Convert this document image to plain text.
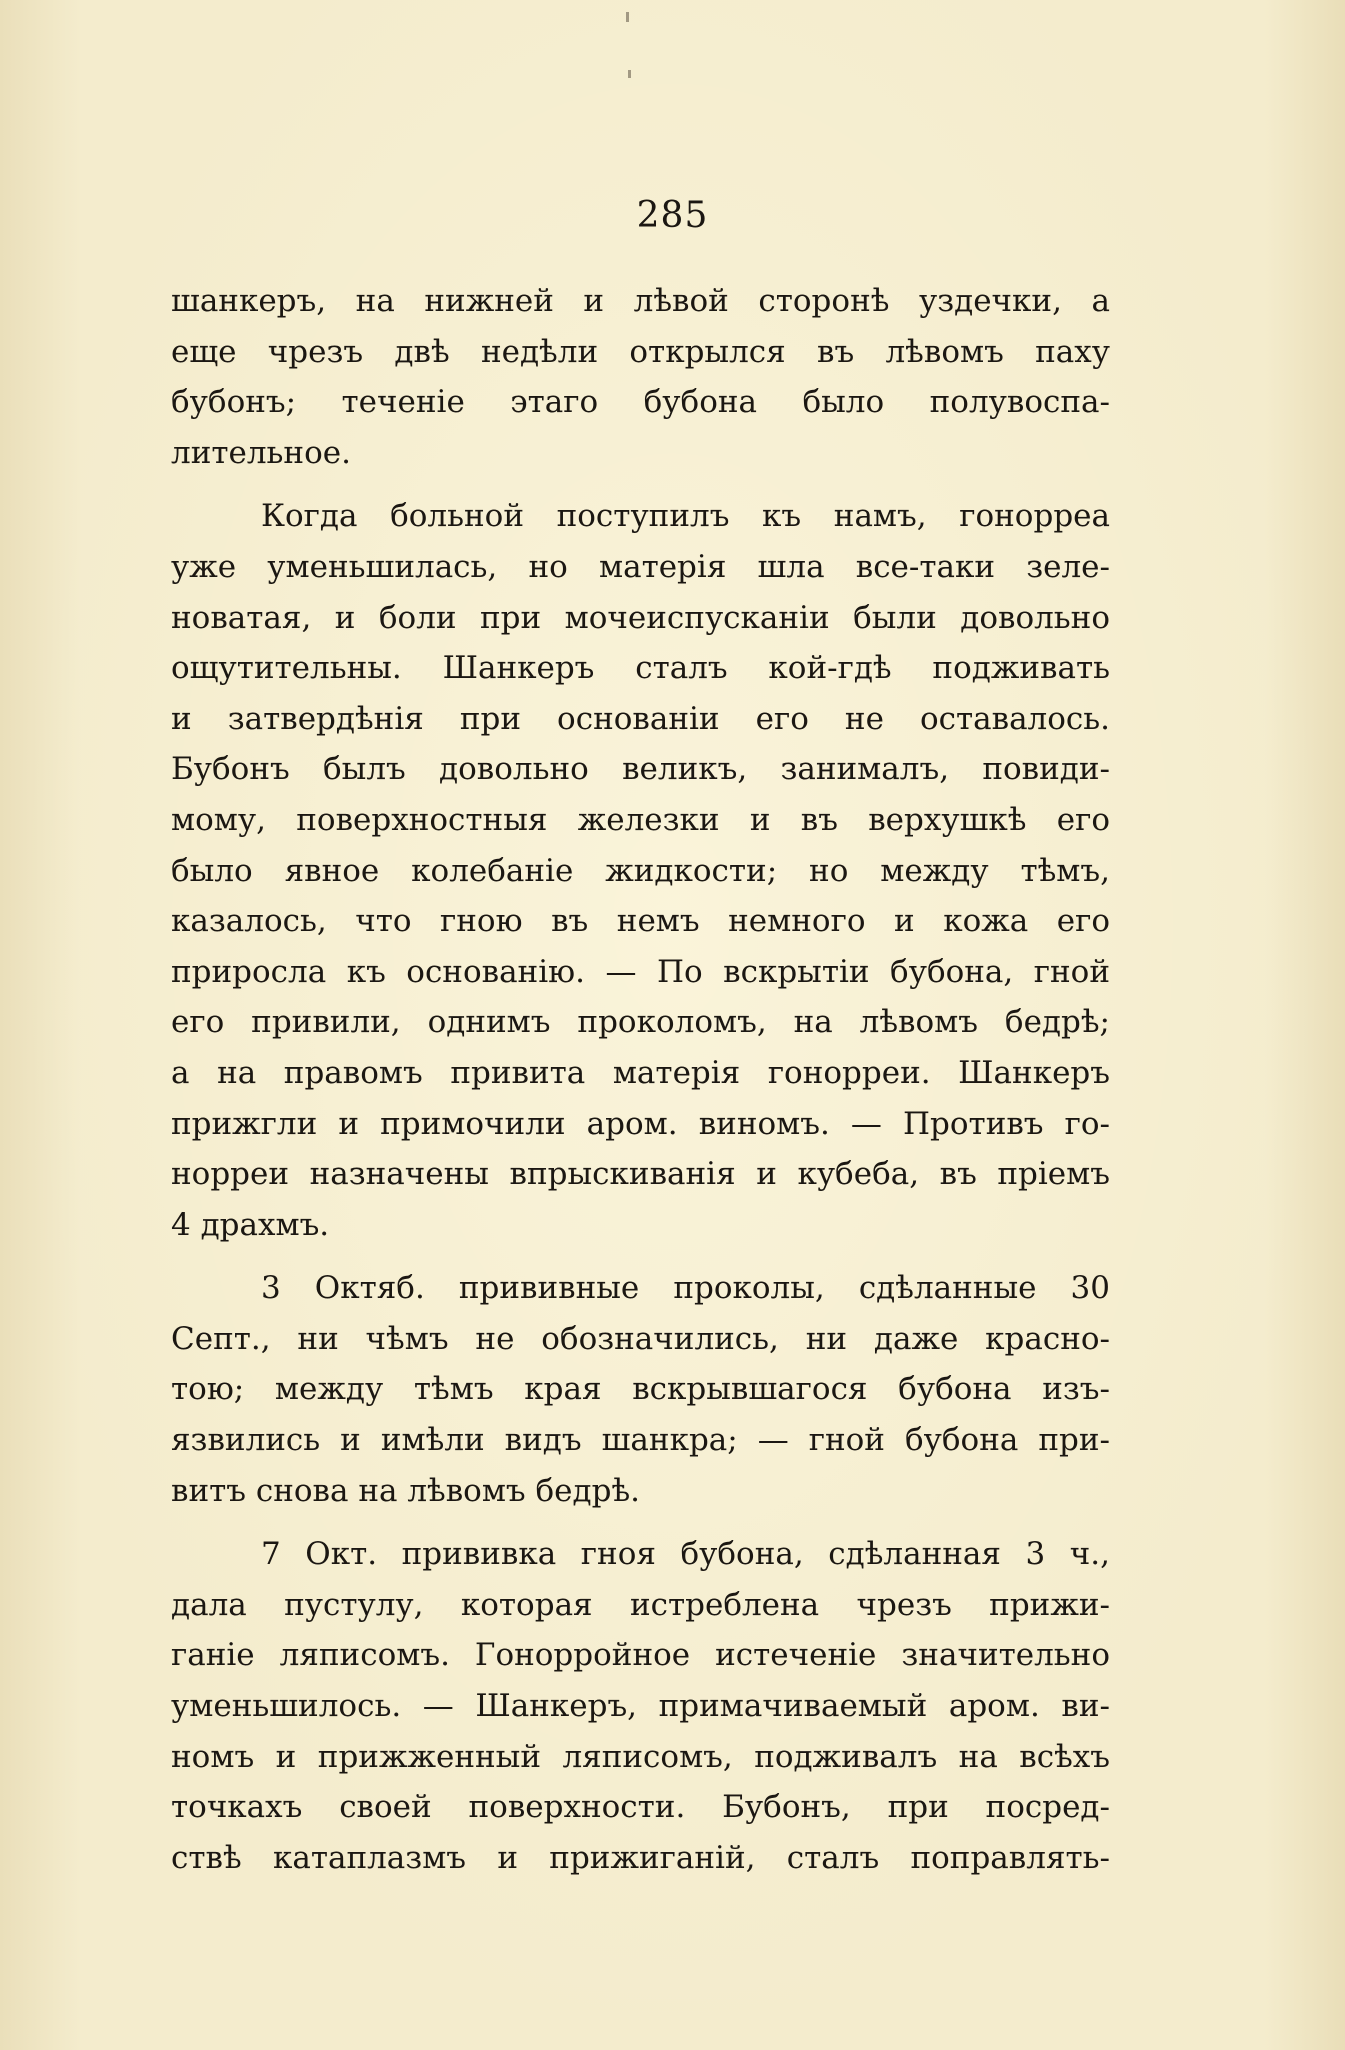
285
шанкеръ, на нижней и лѣвой сторонѣ уздечки, а
еще чрезъ двѣ недѣли открылся въ лѣвомъ паху
бубонъ; теченіе этаго бубона было полувоспа-
лительное.
Когда больной поступилъ къ намъ, гонорреа
уже уменьшилась, но матерія шла все-таки зеле-
новатая, и боли при мочеиспусканіи были довольно
ощутительны. Шанкеръ сталъ кой-гдѣ подживать
и затвердѣнія при основаніи его не оставалось.
Бубонъ былъ довольно великъ, занималъ, повиди-
мому, поверхностныя железки и въ верхушкѣ его
было явное колебаніе жидкости; но между тѣмъ,
казалось, что гною въ немъ немного и кожа его
приросла къ основанію. — По вскрытіи бубона, гной
его привили, однимъ проколомъ, на лѣвомъ бедрѣ;
а на правомъ привита матерія гонорреи. Шанкеръ
прижгли и примочили аром. виномъ. — Противъ го-
норреи назначены впрыскиванія и кубеба, въ пріемъ
4 драхмъ.
3 Октяб. прививные проколы, сдѣланные 30
Септ., ни чѣмъ не обозначились, ни даже красно-
тою; между тѣмъ края вскрывшагося бубона изъ-
язвились и имѣли видъ шанкра; — гной бубона при-
витъ снова на лѣвомъ бедрѣ.
7 Окт. прививка гноя бубона, сдѣланная 3 ч.,
дала пустулу, которая истреблена чрезъ прижи-
ганіе ляписомъ. Гонорройное истеченіе значительно
уменьшилось. — Шанкеръ, примачиваемый аром. ви-
номъ и прижженный ляписомъ, подживалъ на всѣхъ
точкахъ своей поверхности. Бубонъ, при посред-
ствѣ катаплазмъ и прижиганій, сталъ поправлять-
